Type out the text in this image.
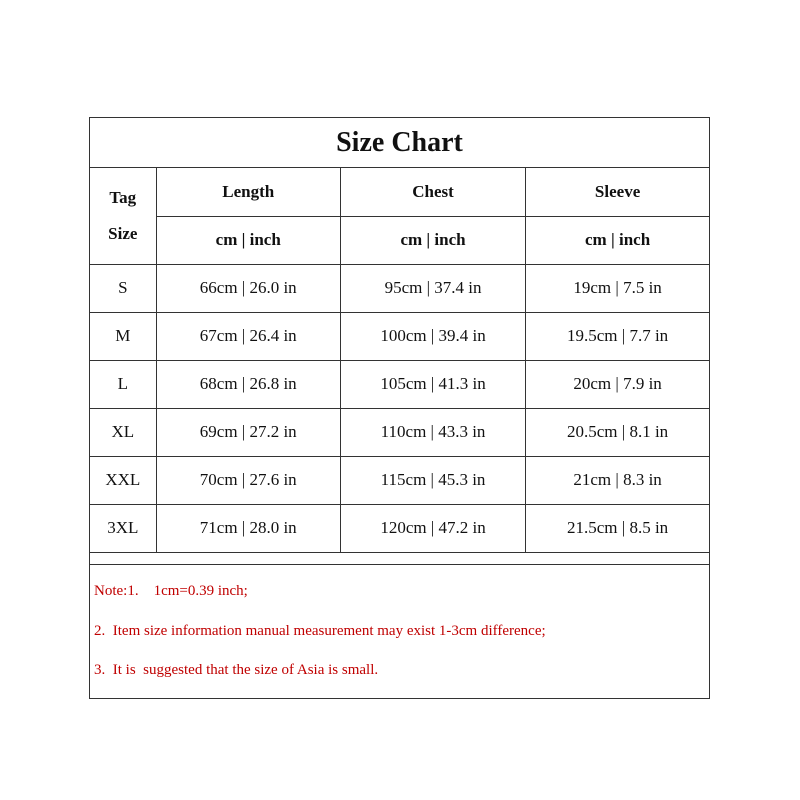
Size Chart
Tag
Size	Length	Chest	Sleeve
	cm | inch	cm | inch	cm | inch
S	66cm | 26.0 in	95cm | 37.4 in	19cm | 7.5 in
M	67cm | 26.4 in	100cm | 39.4 in	19.5cm | 7.7 in
L	68cm | 26.8 in	105cm | 41.3 in	20cm | 7.9 in
XL	69cm | 27.2 in	110cm | 43.3 in	20.5cm | 8.1 in
XXL	70cm | 27.6 in	115cm | 45.3 in	21cm | 8.3 in
3XL	71cm | 28.0 in	120cm | 47.2 in	21.5cm | 8.5 in
Note:1.    1cm=0.39 inch;
2.  Item size information manual measurement may exist 1-3cm difference;
3.  It is  suggested that the size of Asia is small.
